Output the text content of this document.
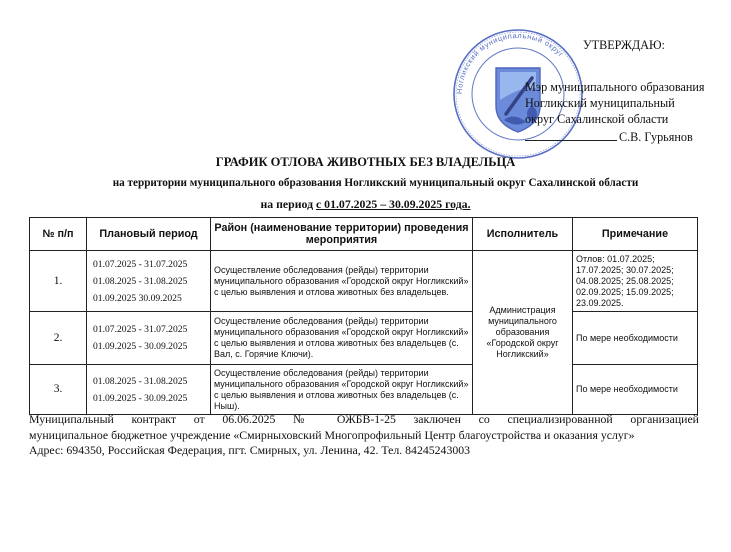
Ногликский муниципальный округ
УТВЕРЖДАЮ:
Мэр муниципального образования
Ногликский муниципальный
округ Сахалинской области
С.В. Гурьянов
ГРАФИК ОТЛОВА ЖИВОТНЫХ БЕЗ ВЛАДЕЛЬЦА
на территории муниципального образования Ногликский муниципальный округ Сахалинской области
на период с 01.07.2025 – 30.09.2025 года.
№ п/п	Плановый период	Район (наименование территории) проведения мероприятия	Исполнитель	Примечание
1.	01.07.2025 - 31.07.2025
01.08.2025 - 31.08.2025
01.09.2025 30.09.2025	Осуществление обследования (рейды) территории муниципального образования «Городской округ Ногликский» с целью выявления и отлова животных без владельцев.	Администрация муниципального образования «Городской округ Ногликский»	Отлов: 01.07.2025; 17.07.2025; 30.07.2025; 04.08.2025; 25.08.2025; 02.09.2025; 15.09.2025; 23.09.2025.
2.	01.07.2025 - 31.07.2025
01.09.2025 - 30.09.2025	Осуществление обследования (рейды) территории муниципального образования «Городской округ Ногликский» с целью выявления и отлова животных без владельцев (с. Вал, с. Горячие Ключи).		По мере необходимости
3.	01.08.2025 - 31.08.2025
01.09.2025 - 30.09.2025	Осуществление обследования (рейды) территории муниципального образования «Городской округ Ногликский» с целью выявления и отлова животных без владельцев (с. Ныш).		По мере необходимости
Муниципальный контракт от 06.06.2025 № ОЖБВ-1-25 заключен со специализированной организацией
муниципальное бюджетное учреждение «Смирныховский Многопрофильный Центр благоустройства и оказания услуг»
Адрес: 694350, Российская Федерация, пгт. Смирных, ул. Ленина, 42. Тел. 84245243003
